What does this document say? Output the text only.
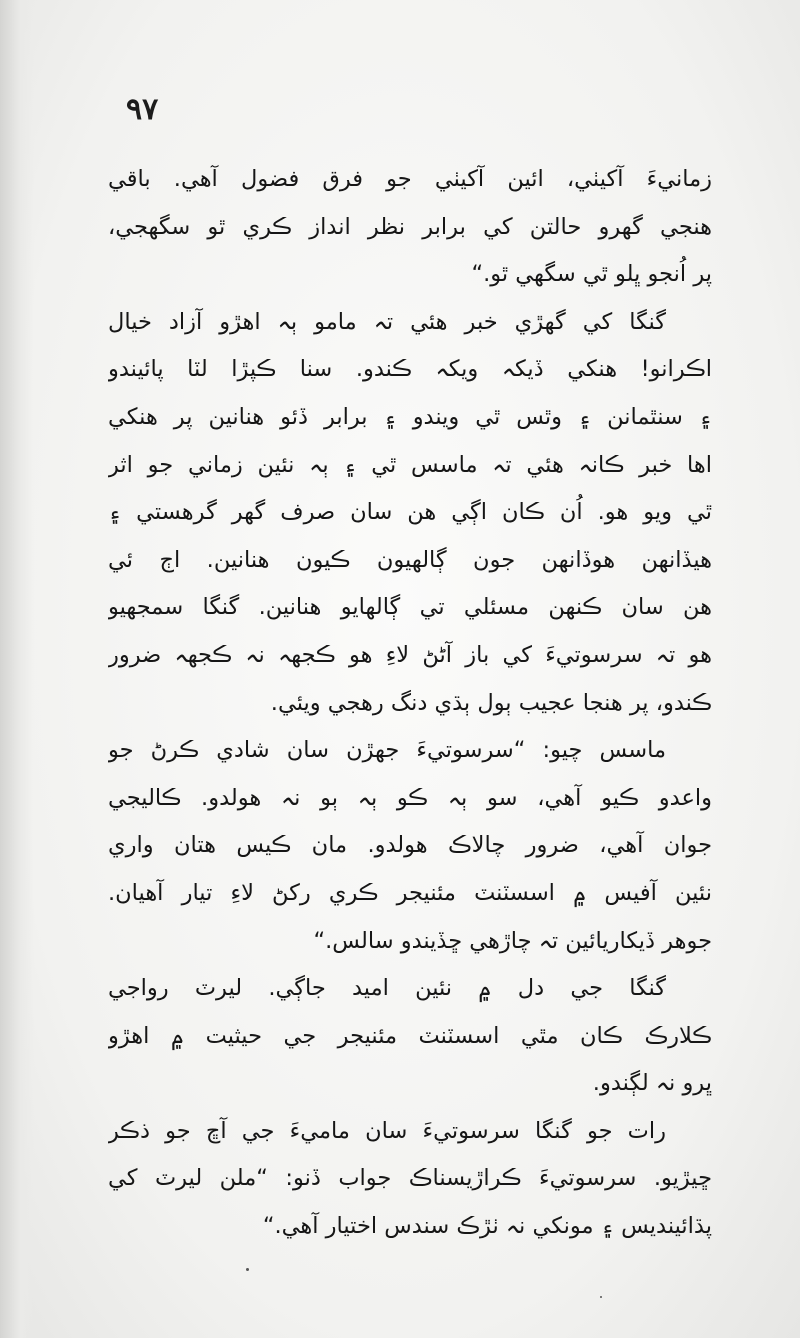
٩٧
زمانيءَ آکيٺي، ائين آکيٺي جو فرق فضول آهي. باقي
هنجي گهرو حالتن کي برابر نظر انداز ڪري ٿو سگهجي،
پر اُنجو ڀلو ٿي سگهي ٿو.“
گنگا کي گهڙي خبر هئي تہ مامو ٻہ اهڙو آزاد خيال
اڪرانو! هنکي ڏيکہ ويکہ ڪندو. سنا ڪپڙا لٽا پائيندو
۽ سنٿمانن ۽ وٿس ٿي ويندو ۽ برابر ڏئو هنانين پر هنکي
اها خبر ڪانہ هئي تہ ماسس ٿي ۽ ٻہ نئين زماني جو اثر
ٿي ويو هو. اُن ڪان اڳي هن سان صرف گهر گرهستي ۽
هيڏانهن هوڏانهن جون ڳالهيون ڪيون هنانين. اڄ ئي
هن سان ڪنهن مسئلي تي ڳالهايو هنانين. گنگا سمجهيو
هو تہ سرسوتيءَ کي باز آڻڻ لاءِ هو ڪجهہ نہ ڪجهہ ضرور
ڪندو، پر هنجا عجيب ٻول ٻڌي دنگ رهجي ويئي.
ماسس چيو: “سرسوتيءَ جهڙن سان شادي ڪرڻ جو
واعدو ڪيو آهي، سو ٻہ ڪو ٻہ ٻو نہ هولدو. ڪاليجي
جوان آهي، ضرور چالاڪ هولدو. مان ڪيس هتان واري
نئين آفيس ۾ اسسٽنٽ مئنيجر ڪري رکڻ لاءِ تيار آهيان.
جوهر ڏيکاريائين تہ چاڙهي ڇڏيندو سالس.“
گنگا جي دل ۾ نئين اميد جاڳي. ليرٽ رواجي
ڪلارڪ ڪان مٿي اسسٽنٽ مئنيجر جي حيثيت ۾ اهڙو
ڀرو نہ لڳندو.
رات جو گنگا سرسوتيءَ سان ماميءَ جي آڇ جو ذڪر
ڇيڙيو. سرسوتيءَ ڪراڙيسناڪ جواب ڏنو: “ملن ليرٽ کي
پڌائينديس ۽ مونکي نہ ٺڙڪ سندس اختيار آهي.“
